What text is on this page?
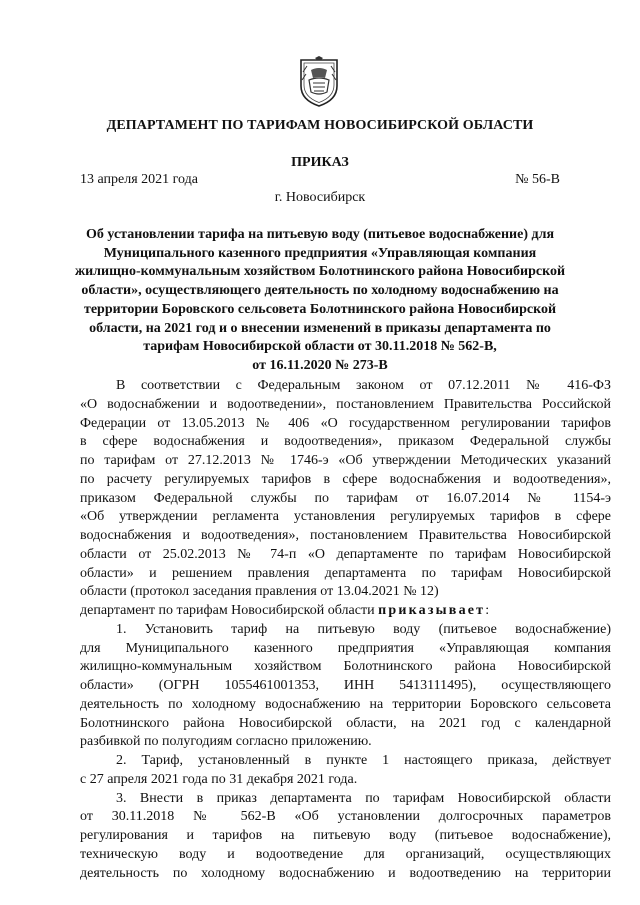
ДЕПАРТАМЕНТ ПО ТАРИФАМ НОВОСИБИРСКОЙ ОБЛАСТИ
ПРИКАЗ
13 апреля 2021 года	№ 56-В
г. Новосибирск
Об установлении тарифа на питьевую воду (питьевое водоснабжение) для
Муниципального казенного предприятия «Управляющая компания
жилищно-коммунальным хозяйством Болотнинского района Новосибирской
области», осуществляющего деятельность по холодному водоснабжению на
территории Боровского сельсовета Болотнинского района Новосибирской
области, на 2021 год и о внесении изменений в приказы департамента по
тарифам Новосибирской области от 30.11.2018 № 562-В,
от 16.11.2020 № 273-В
В соответствии с Федеральным законом от 07.12.2011 № 416-ФЗ
«О водоснабжении и водоотведении», постановлением Правительства Российской
Федерации от 13.05.2013 № 406 «О государственном регулировании тарифов
в сфере водоснабжения и водоотведения», приказом Федеральной службы
по тарифам от 27.12.2013 № 1746-э «Об утверждении Методических указаний
по расчету регулируемых тарифов в сфере водоснабжения и водоотведения»,
приказом Федеральной службы по тарифам от 16.07.2014 № 1154-э
«Об утверждении регламента установления регулируемых тарифов в сфере
водоснабжения и водоотведения», постановлением Правительства Новосибирской
области от 25.02.2013 № 74-п «О департаменте по тарифам Новосибирской
области» и решением правления департамента по тарифам Новосибирской
области (протокол заседания правления от 13.04.2021 № 12)
департамент по тарифам Новосибирской области приказывает:
1. Установить тариф на питьевую воду (питьевое водоснабжение)
для Муниципального казенного предприятия «Управляющая компания
жилищно-коммунальным хозяйством Болотнинского района Новосибирской
области» (ОГРН 1055461001353, ИНН 5413111495), осуществляющего
деятельность по холодному водоснабжению на территории Боровского сельсовета
Болотнинского района Новосибирской области, на 2021 год с календарной
разбивкой по полугодиям согласно приложению.
2. Тариф, установленный в пункте 1 настоящего приказа, действует
с 27 апреля 2021 года по 31 декабря 2021 года.
3. Внести в приказ департамента по тарифам Новосибирской области
от 30.11.2018 № 562-В «Об установлении долгосрочных параметров
регулирования и тарифов на питьевую воду (питьевое водоснабжение),
техническую воду и водоотведение для организаций, осуществляющих
деятельность по холодному водоснабжению и водоотведению на территории
